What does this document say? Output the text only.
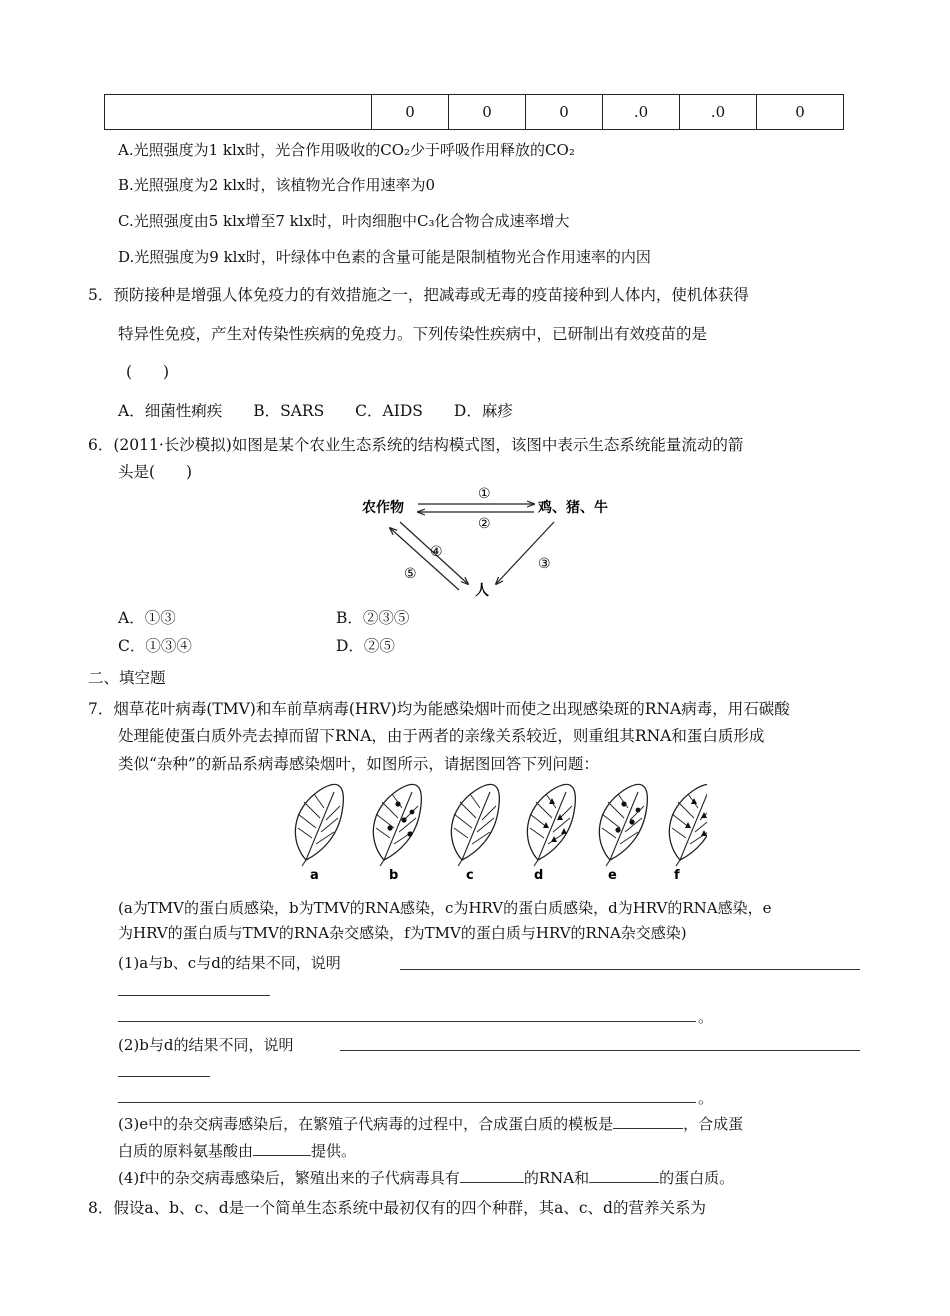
	0	0	0	.0	.0	0
A.光照强度为1 klx时，光合作用吸收的CO₂少于呼吸作用释放的CO₂
B.光照强度为2 klx时，该植物光合作用速率为0
C.光照强度由5 klx增至7 klx时，叶肉细胞中C₃化合物合成速率增大
D.光照强度为9 klx时，叶绿体中色素的含量可能是限制植物光合作用速率的内因
5．预防接种是增强人体免疫力的有效措施之一，把减毒或无毒的疫苗接种到人体内，使机体获得
特异性免疫，产生对传染性疾病的免疫力。下列传染性疾病中，已研制出有效疫苗的是
(　　)
A．细菌性痢疾　　B．SARS　　C．AIDS　　D．麻疹
6．(2011·长沙模拟)如图是某个农业生态系统的结构模式图，该图中表示生态系统能量流动的箭
头是(　　)
农作物	鸡、猪、牛
人
①
②
③
④
⑤
A．①③	B．②③⑤
C．①③④	D．②⑤
二、填空题
7．烟草花叶病毒(TMV)和车前草病毒(HRV)均为能感染烟叶而使之出现感染斑的RNA病毒，用石碳酸
处理能使蛋白质外壳去掉而留下RNA，由于两者的亲缘关系较近，则重组其RNA和蛋白质形成
类似“杂种”的新品系病毒感染烟叶，如图所示，请据图回答下列问题：
a	b	c	d	e	f
(a为TMV的蛋白质感染，b为TMV的RNA感染，c为HRV的蛋白质感染，d为HRV的RNA感染，e
为HRV的蛋白质与TMV的RNA杂交感染，f为TMV的蛋白质与HRV的RNA杂交感染)
(1)a与b、c与d的结果不同，说明
。
(2)b与d的结果不同，说明
。
(3)e中的杂交病毒感染后，在繁殖子代病毒的过程中，合成蛋白质的模板是	，合成蛋
白质的原料氨基酸由	提供。
(4)f中的杂交病毒感染后，繁殖出来的子代病毒具有	的RNA和	的蛋白质。
8．假设a、b、c、d是一个简单生态系统中最初仅有的四个种群，其a、c、d的营养关系为
